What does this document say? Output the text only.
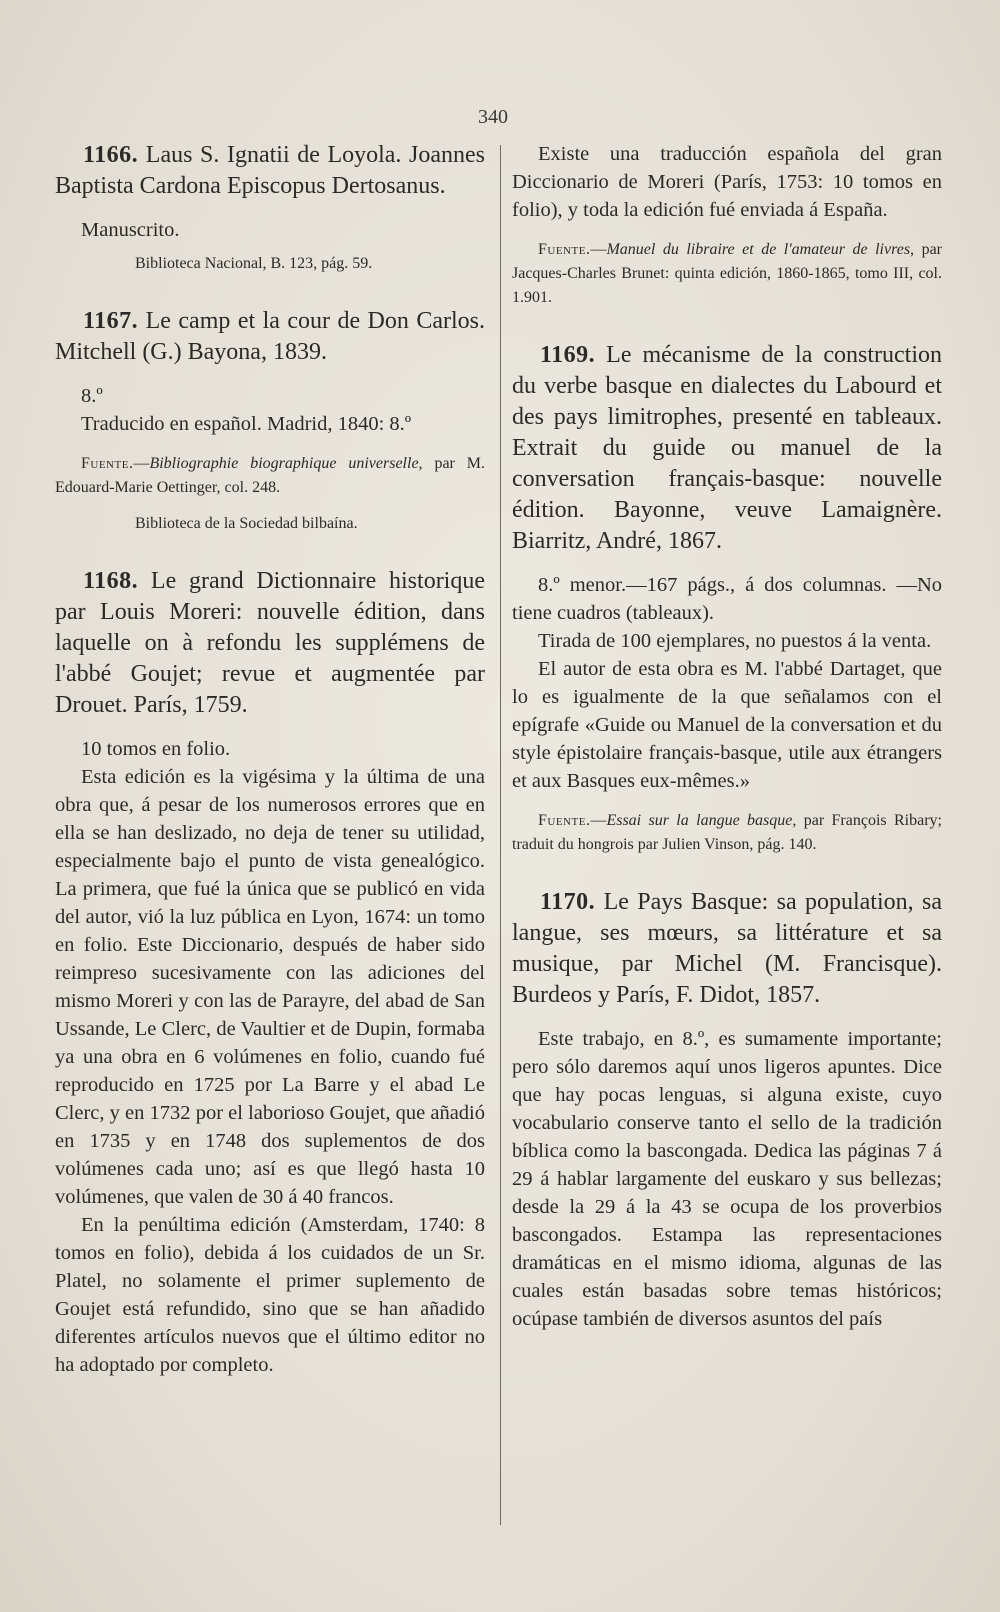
340

1166. Laus S. Ignatii de Loyola. Joannes Baptista Cardona Episcopus Dertosanus.

Manuscrito.

Biblioteca Nacional, B. 123, pág. 59.

1167. Le camp et la cour de Don Carlos. Mitchell (G.) Bayona, 1839.

8.º

Traducido en español. Madrid, 1840: 8.º

Fuente.—Bibliographie biographique universelle, par M. Edouard-Marie Oettinger, col. 248.

Biblioteca de la Sociedad bilbaína.

1168. Le grand Dictionnaire historique par Louis Moreri: nouvelle édition, dans laquelle on à refondu les supplémens de l'abbé Goujet; revue et augmentée par Drouet. París, 1759.

10 tomos en folio.

Esta edición es la vigésima y la última de una obra que, á pesar de los numerosos errores que en ella se han deslizado, no deja de tener su utilidad, especialmente bajo el punto de vista genealógico. La primera, que fué la única que se publicó en vida del autor, vió la luz pública en Lyon, 1674: un tomo en folio. Este Diccionario, después de haber sido reimpreso sucesivamente con las adiciones del mismo Moreri y con las de Parayre, del abad de San Ussande, Le Clerc, de Vaultier et de Dupin, formaba ya una obra en 6 volúmenes en folio, cuando fué reproducido en 1725 por La Barre y el abad Le Clerc, y en 1732 por el laborioso Goujet, que añadió en 1735 y en 1748 dos suplementos de dos volúmenes cada uno; así es que llegó hasta 10 volúmenes, que valen de 30 á 40 francos.

En la penúltima edición (Amsterdam, 1740: 8 tomos en folio), debida á los cuidados de un Sr. Platel, no solamente el primer suplemento de Goujet está refundido, sino que se han añadido diferentes artículos nuevos que el último editor no ha adoptado por completo.

Existe una traducción española del gran Diccionario de Moreri (París, 1753: 10 tomos en folio), y toda la edición fué enviada á España.

Fuente.—Manuel du libraire et de l'amateur de livres, par Jacques-Charles Brunet: quinta edición, 1860-1865, tomo III, col. 1.901.

1169. Le mécanisme de la construction du verbe basque en dialectes du Labourd et des pays limitrophes, presenté en tableaux. Extrait du guide ou manuel de la conversation français-basque: nouvelle édition. Bayonne, veuve Lamaignère. Biarritz, André, 1867.

8.º menor.—167 págs., á dos columnas. —No tiene cuadros (tableaux).

Tirada de 100 ejemplares, no puestos á la venta.

El autor de esta obra es M. l'abbé Dartaget, que lo es igualmente de la que señalamos con el epígrafe «Guide ou Manuel de la conversation et du style épistolaire français-basque, utile aux étrangers et aux Basques eux-mêmes.»

Fuente.—Essai sur la langue basque, par François Ribary; traduit du hongrois par Julien Vinson, pág. 140.

1170. Le Pays Basque: sa population, sa langue, ses mœurs, sa littérature et sa musique, par Michel (M. Francisque). Burdeos y París, F. Didot, 1857.

Este trabajo, en 8.º, es sumamente importante; pero sólo daremos aquí unos ligeros apuntes. Dice que hay pocas lenguas, si alguna existe, cuyo vocabulario conserve tanto el sello de la tradición bíblica como la bascongada. Dedica las páginas 7 á 29 á hablar largamente del euskaro y sus bellezas; desde la 29 á la 43 se ocupa de los proverbios bascongados. Estampa las representaciones dramáticas en el mismo idioma, algunas de las cuales están basadas sobre temas históricos; ocúpase también de diversos asuntos del país
